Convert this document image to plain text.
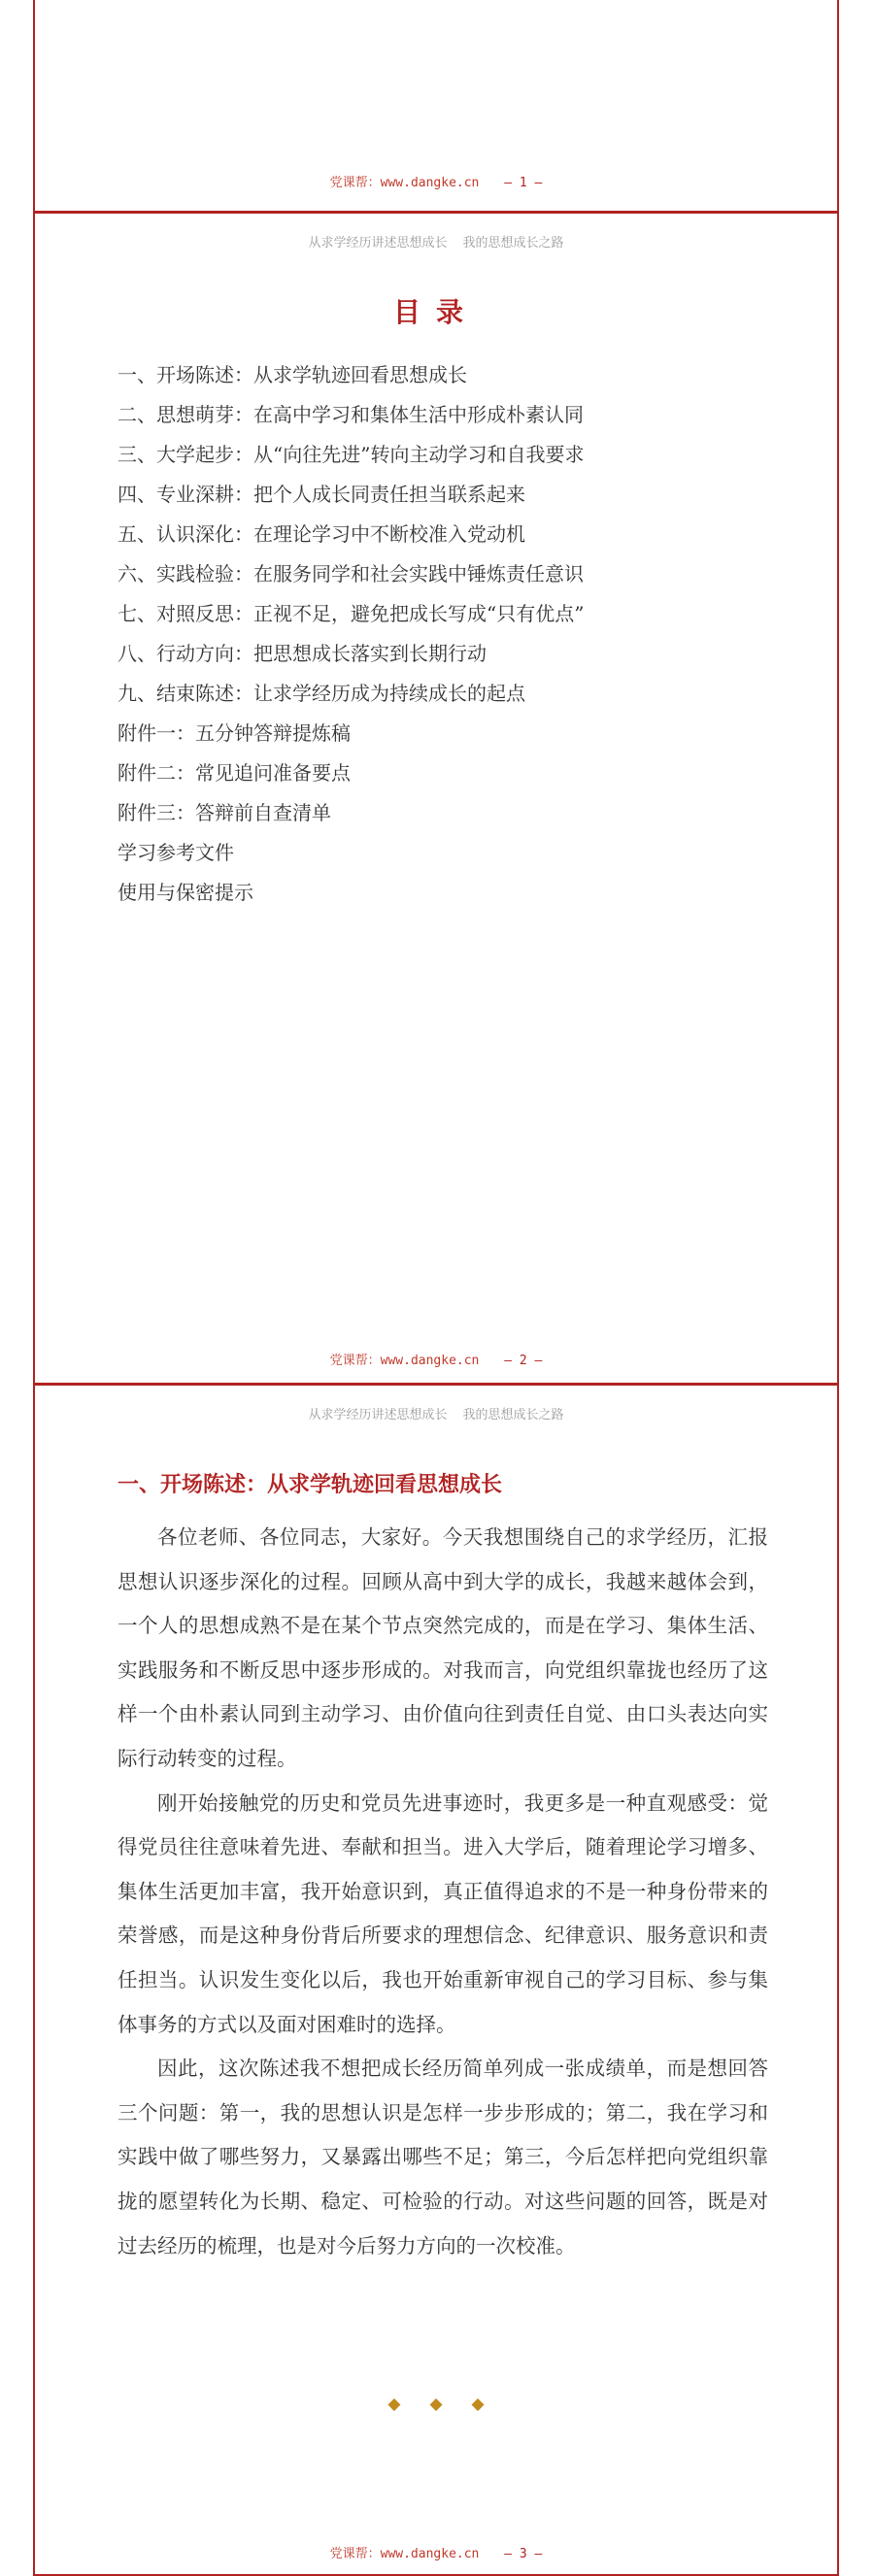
党课帮：www.dangke.cn — 1 —
从求学经历讲述思想成长 我的思想成长之路
目录
一、开场陈述：从求学轨迹回看思想成长
二、思想萌芽：在高中学习和集体生活中形成朴素认同
三、大学起步：从“向往先进”转向主动学习和自我要求
四、专业深耕：把个人成长同责任担当联系起来
五、认识深化：在理论学习中不断校准入党动机
六、实践检验：在服务同学和社会实践中锤炼责任意识
七、对照反思：正视不足，避免把成长写成“只有优点”
八、行动方向：把思想成长落实到长期行动
九、结束陈述：让求学经历成为持续成长的起点
附件一：五分钟答辩提炼稿
附件二：常见追问准备要点
附件三：答辩前自查清单
学习参考文件
使用与保密提示
党课帮：www.dangke.cn — 2 —
从求学经历讲述思想成长 我的思想成长之路
一、开场陈述：从求学轨迹回看思想成长

各位老师、各位同志，大家好。今天我想围绕自己的求学经历，汇报思想认识逐步深化的过程。回顾从高中到大学的成长，我越来越体会到，一个人的思想成熟不是在某个节点突然完成的，而是在学习、集体生活、实践服务和不断反思中逐步形成的。对我而言，向党组织靠拢也经历了这样一个由朴素认同到主动学习、由价值向往到责任自觉、由口头表达向实际行动转变的过程。

刚开始接触党的历史和党员先进事迹时，我更多是一种直观感受：觉得党员往往意味着先进、奉献和担当。进入大学后，随着理论学习增多、集体生活更加丰富，我开始意识到，真正值得追求的不是一种身份带来的荣誉感，而是这种身份背后所要求的理想信念、纪律意识、服务意识和责任担当。认识发生变化以后，我也开始重新审视自己的学习目标、参与集体事务的方式以及面对困难时的选择。

因此，这次陈述我不想把成长经历简单列成一张成绩单，而是想回答三个问题：第一，我的思想认识是怎样一步步形成的；第二，我在学习和实践中做了哪些努力，又暴露出哪些不足；第三，今后怎样把向党组织靠拢的愿望转化为长期、稳定、可检验的行动。对这些问题的回答，既是对过去经历的梳理，也是对今后努力方向的一次校准。

◆◆◆
党课帮：www.dangke.cn — 3 —
